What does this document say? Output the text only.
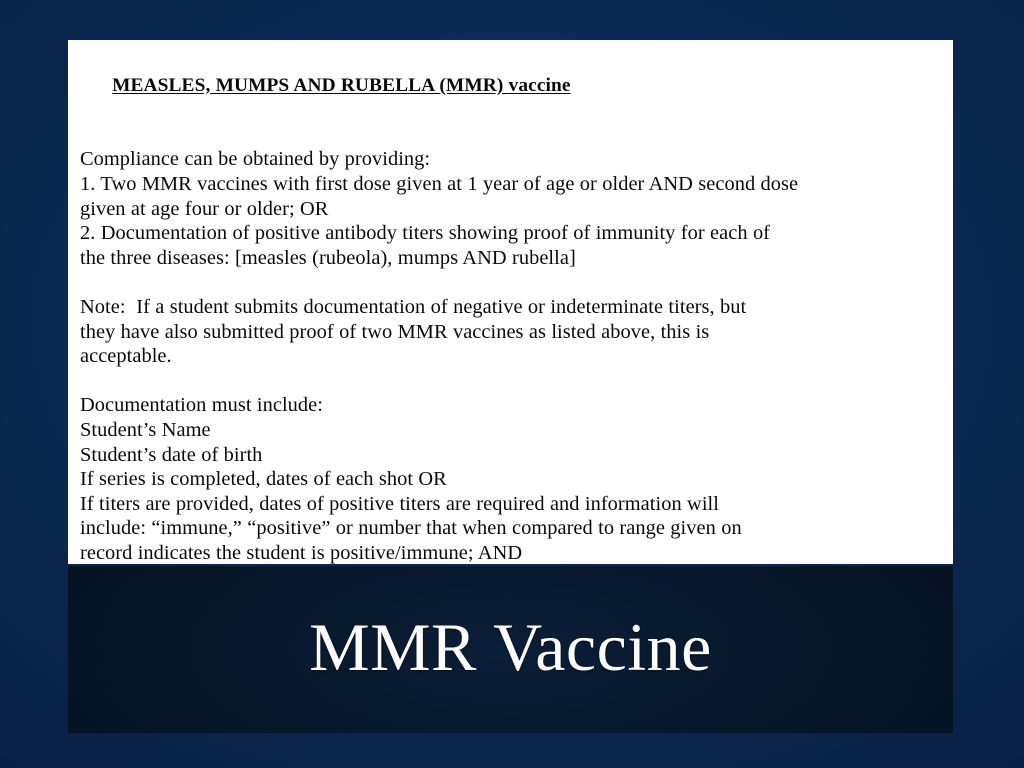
MEASLES, MUMPS AND RUBELLA (MMR) vaccine

Compliance can be obtained by providing:
1. Two MMR vaccines with first dose given at 1 year of age or older AND second dose
given at age four or older; OR
2. Documentation of positive antibody titers showing proof of immunity for each of
the three diseases: [measles (rubeola), mumps AND rubella]
Note:  If a student submits documentation of negative or indeterminate titers, but
they have also submitted proof of two MMR vaccines as listed above, this is
acceptable.
Documentation must include:
Student’s Name
Student’s date of birth
If series is completed, dates of each shot OR
If titers are provided, dates of positive titers are required and information will
include: “immune,” “positive” or number that when compared to range given on
record indicates the student is positive/immune; AND

MMR Vaccine
